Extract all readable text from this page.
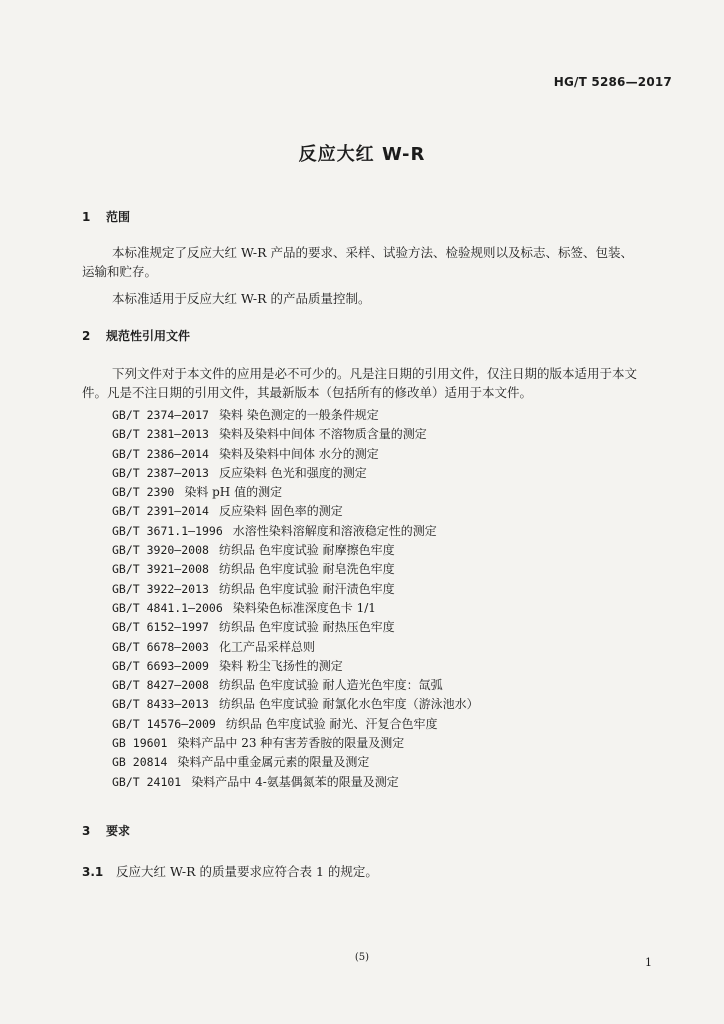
HG/T 5286—2017
反应大红 W-R
1 范围
本标准规定了反应大红 W-R 产品的要求、采样、试验方法、检验规则以及标志、标签、包装、
运输和贮存。
本标准适用于反应大红 W-R 的产品质量控制。
2 规范性引用文件
下列文件对于本文件的应用是必不可少的。凡是注日期的引用文件，仅注日期的版本适用于本文
件。凡是不注日期的引用文件，其最新版本（包括所有的修改单）适用于本文件。
GB/T 2374—2017 染料 染色测定的一般条件规定
GB/T 2381—2013 染料及染料中间体 不溶物质含量的测定
GB/T 2386—2014 染料及染料中间体 水分的测定
GB/T 2387—2013 反应染料 色光和强度的测定
GB/T 2390 染料 pH 值的测定
GB/T 2391—2014 反应染料 固色率的测定
GB/T 3671.1—1996 水溶性染料溶解度和溶液稳定性的测定
GB/T 3920—2008 纺织品 色牢度试验 耐摩擦色牢度
GB/T 3921—2008 纺织品 色牢度试验 耐皂洗色牢度
GB/T 3922—2013 纺织品 色牢度试验 耐汗渍色牢度
GB/T 4841.1—2006 染料染色标准深度色卡 1/1
GB/T 6152—1997 纺织品 色牢度试验 耐热压色牢度
GB/T 6678—2003 化工产品采样总则
GB/T 6693—2009 染料 粉尘飞扬性的测定
GB/T 8427—2008 纺织品 色牢度试验 耐人造光色牢度：氙弧
GB/T 8433—2013 纺织品 色牢度试验 耐氯化水色牢度（游泳池水）
GB/T 14576—2009 纺织品 色牢度试验 耐光、汗复合色牢度
GB 19601 染料产品中 23 种有害芳香胺的限量及测定
GB 20814 染料产品中重金属元素的限量及测定
GB/T 24101 染料产品中 4-氨基偶氮苯的限量及测定
3 要求
3.1 反应大红 W-R 的质量要求应符合表 1 的规定。
(5)	1
